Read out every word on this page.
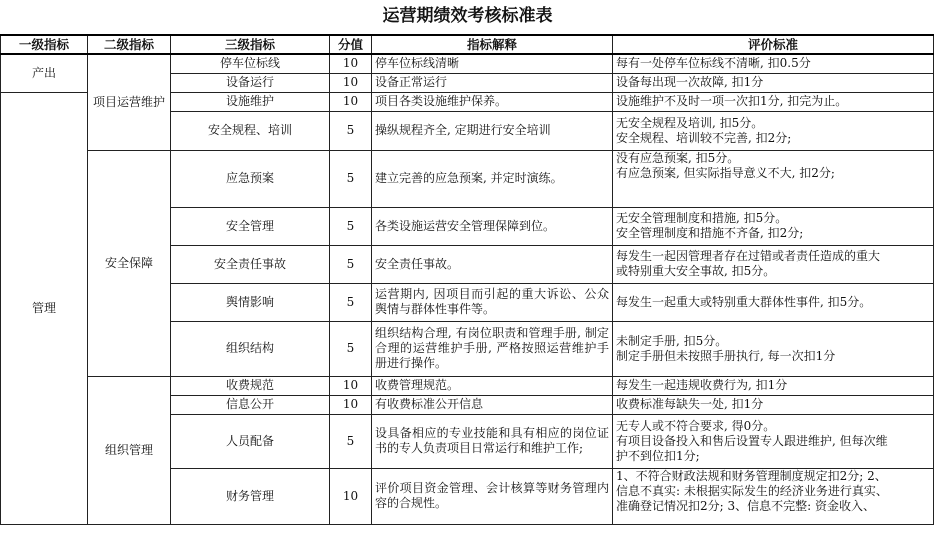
运营期绩效考核标准表
一级指标	二级指标	三级指标	分值	指标解释	评价标准
产出	项目运营维护	停车位标线	10	停车位标线清晰	每有一处停车位标线不清晰, 扣0.5分

		设备运行	10	设备正常运行	设备每出现一次故障, 扣1分

管理		设施维护	10	项目各类设施维护保养。	设施维护不及时一项一次扣1分, 扣完为止。

		安全规程、培训	5	操纵规程齐全, 定期进行安全培训	无安全规程及培训, 扣5分。
安全规程、培训较不完善, 扣2分;

	安全保障	应急预案	5	建立完善的应急预案, 并定时演练。	没有应急预案, 扣5分。
有应急预案, 但实际指导意义不大, 扣2分;

		安全管理	5	各类设施运营安全管理保障到位。	无安全管理制度和措施, 扣5分。
安全管理制度和措施不齐备, 扣2分;

		安全责任事故	5	安全责任事故。	每发生一起因管理者存在过错或者责任造成的重大
或特别重大安全事故, 扣5分。

		舆情影响	5	运营期内, 因项目而引起的重大诉讼、公众舆情与群体性事件等。	每发生一起重大或特别重大群体性事件, 扣5分。

		组织结构	5	组织结构合理, 有岗位职责和管理手册, 制定合理的运营维护手册, 严格按照运营维护手册进行操作。	未制定手册, 扣5分。
制定手册但未按照手册执行, 每一次扣1分

	组织管理	收费规范	10	收费管理规范。	每发生一起违规收费行为, 扣1分

		信息公开	10	有收费标准公开信息	收费标准每缺失一处, 扣1分

		人员配备	5	设具备相应的专业技能和具有相应的岗位证书的专人负责项目日常运行和维护工作;	无专人或不符合要求, 得0分。
有项目设备投入和售后设置专人跟进维护, 但每次维
护不到位扣1分;

		财务管理	10	评价项目资金管理、会计核算等财务管理内容的合规性。	1、不符合财政法规和财务管理制度规定扣2分; 2、
信息不真实: 未根据实际发生的经济业务进行真实、
准确登记情况扣2分; 3、信息不完整: 资金收入、
